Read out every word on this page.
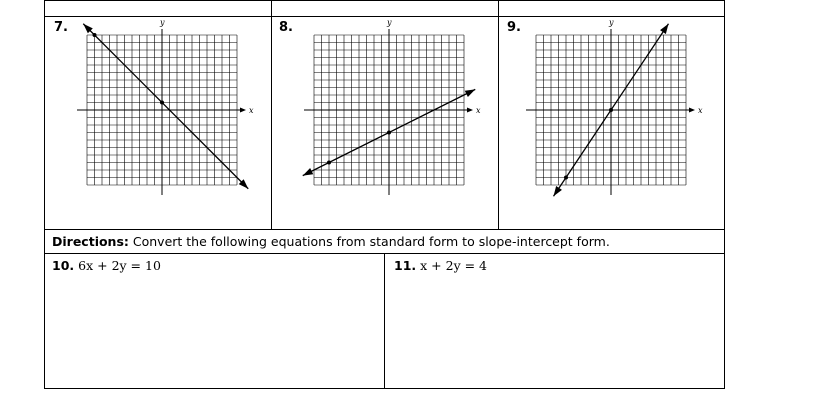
7.	8.	9.
x
y
x
y
x
y
Directions: Convert the following equations from standard form to slope-intercept form.
10. 6x + 2y = 10	11. x + 2y = 4
